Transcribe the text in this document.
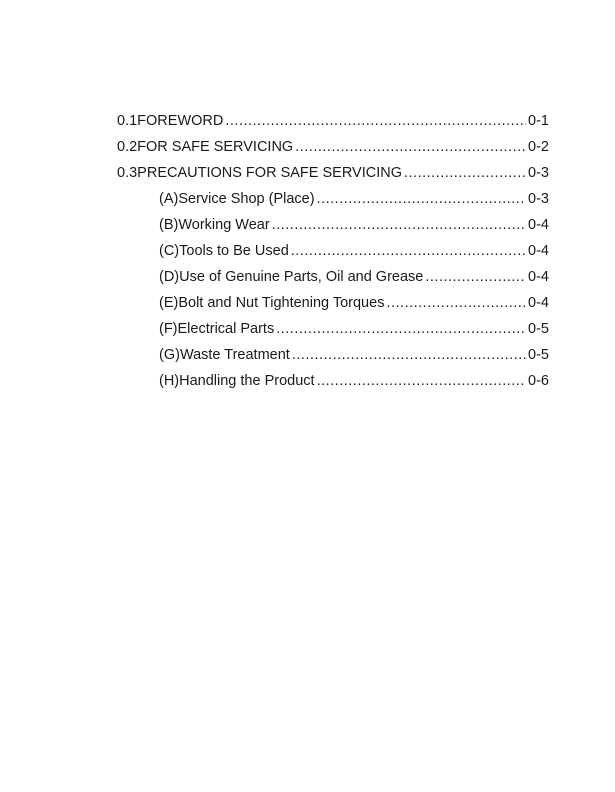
0.1 FOREWORD .....	0-1
0.2 FOR SAFE SERVICING .....	0-2
0.3 PRECAUTIONS FOR SAFE SERVICING .....	0-3
(A) Service Shop (Place) .....	0-3
(B) Working Wear .....	0-4
(C) Tools to Be Used .....	0-4
(D) Use of Genuine Parts, Oil and Grease .....	0-4
(E) Bolt and Nut Tightening Torques .....	0-4
(F) Electrical Parts .....	0-5
(G) Waste Treatment .....	0-5
(H) Handling the Product .....	0-6
